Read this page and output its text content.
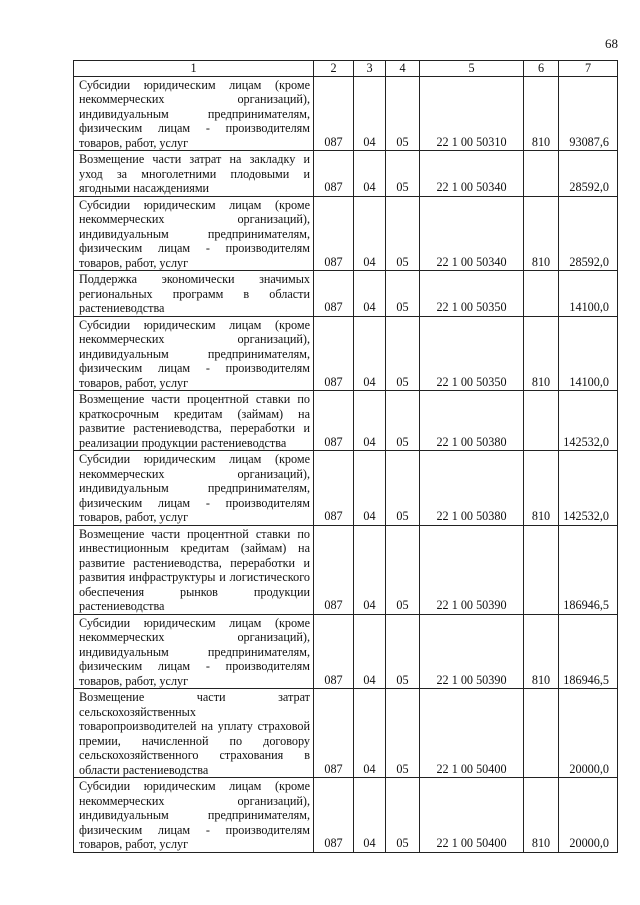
68
1	2	3	4	5	6	7
Субсидии юридическим лицам (кроме некоммерческих организаций), индивидуальным предпринимателям, физическим лицам - производителям товаров, работ, услуг	087	04	05	22 1 00 50310	810	93087,6
Возмещение части затрат на закладку и уход за многолетними плодовыми и ягодными насаждениями	087	04	05	22 1 00 50340		28592,0
Субсидии юридическим лицам (кроме некоммерческих организаций), индивидуальным предпринимателям, физическим лицам - производителям товаров, работ, услуг	087	04	05	22 1 00 50340	810	28592,0
Поддержка экономически значимых региональных программ в области растениеводства	087	04	05	22 1 00 50350		14100,0
Субсидии юридическим лицам (кроме некоммерческих организаций), индивидуальным предпринимателям, физическим лицам - производителям товаров, работ, услуг	087	04	05	22 1 00 50350	810	14100,0
Возмещение части процентной ставки по краткосрочным кредитам (займам) на развитие растениеводства, переработки и реализации продукции растениеводства	087	04	05	22 1 00 50380		142532,0
Субсидии юридическим лицам (кроме некоммерческих организаций), индивидуальным предпринимателям, физическим лицам - производителям товаров, работ, услуг	087	04	05	22 1 00 50380	810	142532,0
Возмещение части процентной ставки по инвестиционным кредитам (займам) на развитие растениеводства, переработки и развития инфраструктуры и логистического обеспечения рынков продукции растениеводства	087	04	05	22 1 00 50390		186946,5
Субсидии юридическим лицам (кроме некоммерческих организаций), индивидуальным предпринимателям, физическим лицам - производителям товаров, работ, услуг	087	04	05	22 1 00 50390	810	186946,5
Возмещение части затрат сельскохозяйственных товаропроизводителей на уплату страховой премии, начисленной по договору сельскохозяйственного страхования в области растениеводства	087	04	05	22 1 00 50400		20000,0
Субсидии юридическим лицам (кроме некоммерческих организаций), индивидуальным предпринимателям, физическим лицам - производителям товаров, работ, услуг	087	04	05	22 1 00 50400	810	20000,0
